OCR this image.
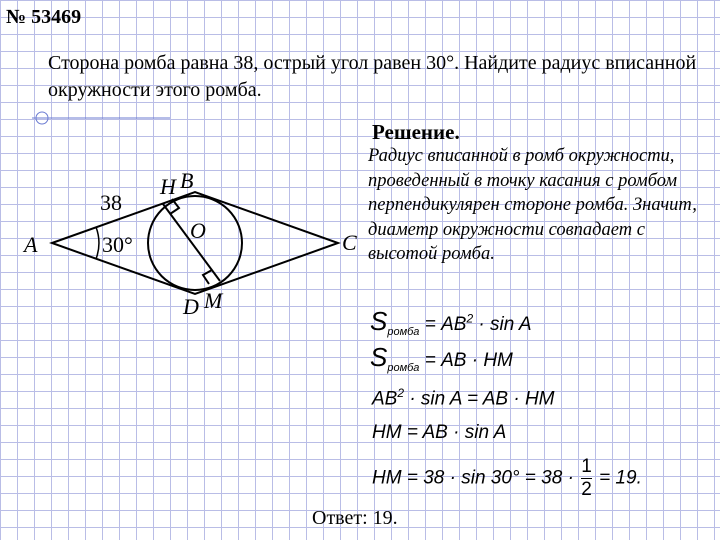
№ 53469

Сторона ромба равна 38, острый угол равен 30°. Найдите радиус вписанной окружности этого ромба.

A
B
H
C
D M
O
38
30°
Решение.

Радиус вписанной в ромб окружности, проведенный в точку касания с ромбом перпендикулярен стороне ромба. Значит, диаметр окружности совпадает с высотой ромба.

$S_{ромба} = AB^2 \cdot \sin A$
$S_{ромба}$ = AB · HM
$AB^2 \cdot \sin A$ = AB · HM
HM = AB · sin A
HM = $38 \cdot \sin 30^\circ = 38 \cdot \frac{1}{2} = 19$.

Ответ: 19.
